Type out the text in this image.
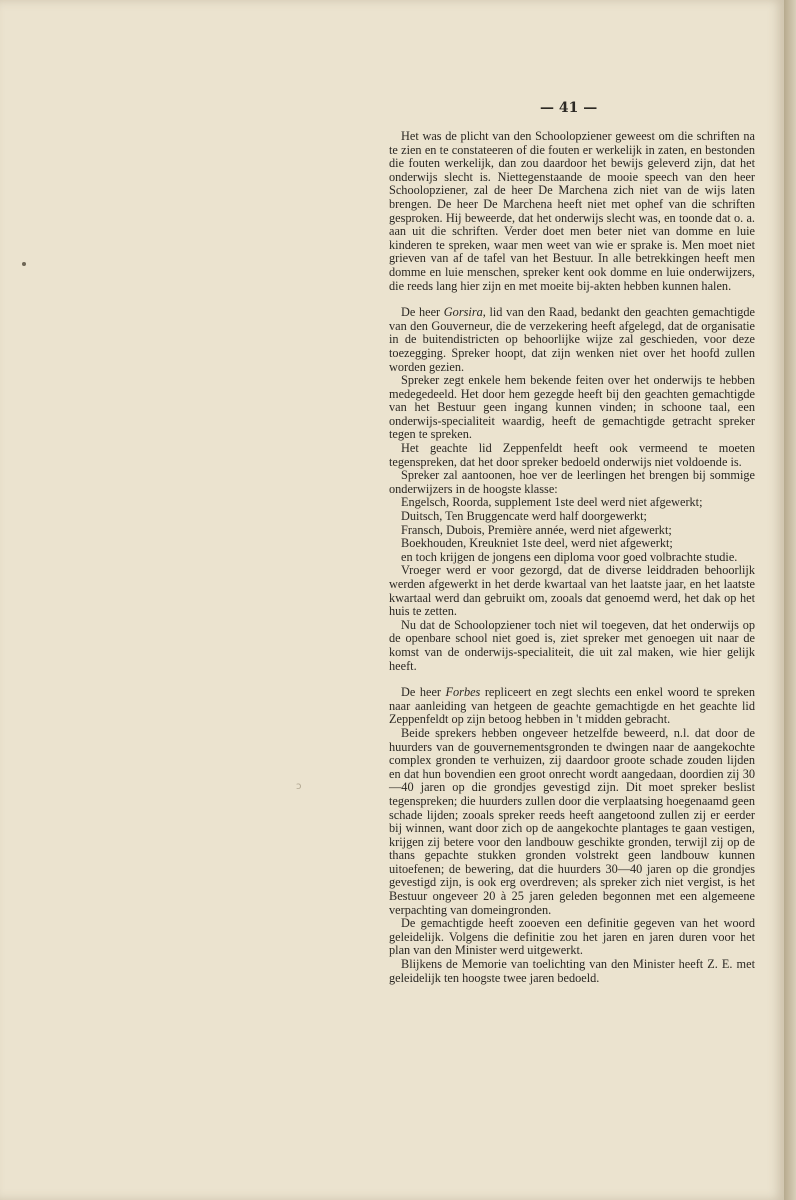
— 41 —

Het was de plicht van den Schoolopziener geweest om die schriften na te zien en te constateeren of die fouten er werkelijk in zaten, en bestonden die fouten werkelijk, dan zou daardoor het bewijs geleverd zijn, dat het onderwijs slecht is. Niettegenstaande de mooie speech van den heer Schoolopziener, zal de heer De Marchena zich niet van de wijs laten brengen. De heer De Marchena heeft niet met ophef van die schriften gesproken. Hij beweerde, dat het onderwijs slecht was, en toonde dat o. a. aan uit die schriften. Verder doet men beter niet van domme en luie kinderen te spreken, waar men weet van wie er sprake is. Men moet niet grieven van af de tafel van het Bestuur. In alle betrekkingen heeft men domme en luie menschen, spreker kent ook domme en luie onderwijzers, die reeds lang hier zijn en met moeite bij-akten hebben kunnen halen.

De heer Gorsira, lid van den Raad, bedankt den geachten gemachtigde van den Gouverneur, die de verzekering heeft afgelegd, dat de organisatie in de buitendistricten op behoorlijke wijze zal geschieden, voor deze toezegging. Spreker hoopt, dat zijn wenken niet over het hoofd zullen worden gezien.

Spreker zegt enkele hem bekende feiten over het onderwijs te hebben medegedeeld. Het door hem gezegde heeft bij den geachten gemachtigde van het Bestuur geen ingang kunnen vinden; in schoone taal, een onderwijs-specialiteit waardig, heeft de gemachtigde getracht spreker tegen te spreken.

Het geachte lid Zeppenfeldt heeft ook vermeend te moeten tegenspreken, dat het door spreker bedoeld onderwijs niet voldoende is.

Spreker zal aantoonen, hoe ver de leerlingen het brengen bij sommige onderwijzers in de hoogste klasse:

Engelsch, Roorda, supplement 1ste deel werd niet afgewerkt;

Duitsch, Ten Bruggencate werd half doorgewerkt;

Fransch, Dubois, Première année, werd niet afgewerkt;

Boekhouden, Kreukniet 1ste deel, werd niet afgewerkt;

en toch krijgen de jongens een diploma voor goed volbrachte studie.

Vroeger werd er voor gezorgd, dat de diverse leiddraden behoorlijk werden afgewerkt in het derde kwartaal van het laatste jaar, en het laatste kwartaal werd dan gebruikt om, zooals dat genoemd werd, het dak op het huis te zetten.

Nu dat de Schoolopziener toch niet wil toegeven, dat het onderwijs op de openbare school niet goed is, ziet spreker met genoegen uit naar de komst van de onderwijs-specialiteit, die uit zal maken, wie hier gelijk heeft.

De heer Forbes repliceert en zegt slechts een enkel woord te spreken naar aanleiding van hetgeen de geachte gemachtigde en het geachte lid Zeppenfeldt op zijn betoog hebben in 't midden gebracht.

Beide sprekers hebben ongeveer hetzelfde beweerd, n.l. dat door de huurders van de gouvernementsgronden te dwingen naar de aangekochte complex gronden te verhuizen, zij daardoor groote schade zouden lijden en dat hun bovendien een groot onrecht wordt aangedaan, doordien zij 30—40 jaren op die grondjes gevestigd zijn. Dit moet spreker beslist tegenspreken; die huurders zullen door die verplaatsing hoegenaamd geen schade lijden; zooals spreker reeds heeft aangetoond zullen zij er eerder bij winnen, want door zich op de aangekochte plantages te gaan vestigen, krijgen zij betere voor den landbouw geschikte gronden, terwijl zij op de thans gepachte stukken gronden volstrekt geen landbouw kunnen uitoefenen; de bewering, dat die huurders 30—40 jaren op die grondjes gevestigd zijn, is ook erg overdreven; als spreker zich niet vergist, is het Bestuur ongeveer 20 à 25 jaren geleden begonnen met een algemeene verpachting van domeingronden.

De gemachtigde heeft zooeven een definitie gegeven van het woord geleidelijk. Volgens die definitie zou het jaren en jaren duren voor het plan van den Minister werd uitgewerkt.

Blijkens de Memorie van toelichting van den Minister heeft Z. E. met geleidelijk ten hoogste twee jaren bedoeld.

ↄ
